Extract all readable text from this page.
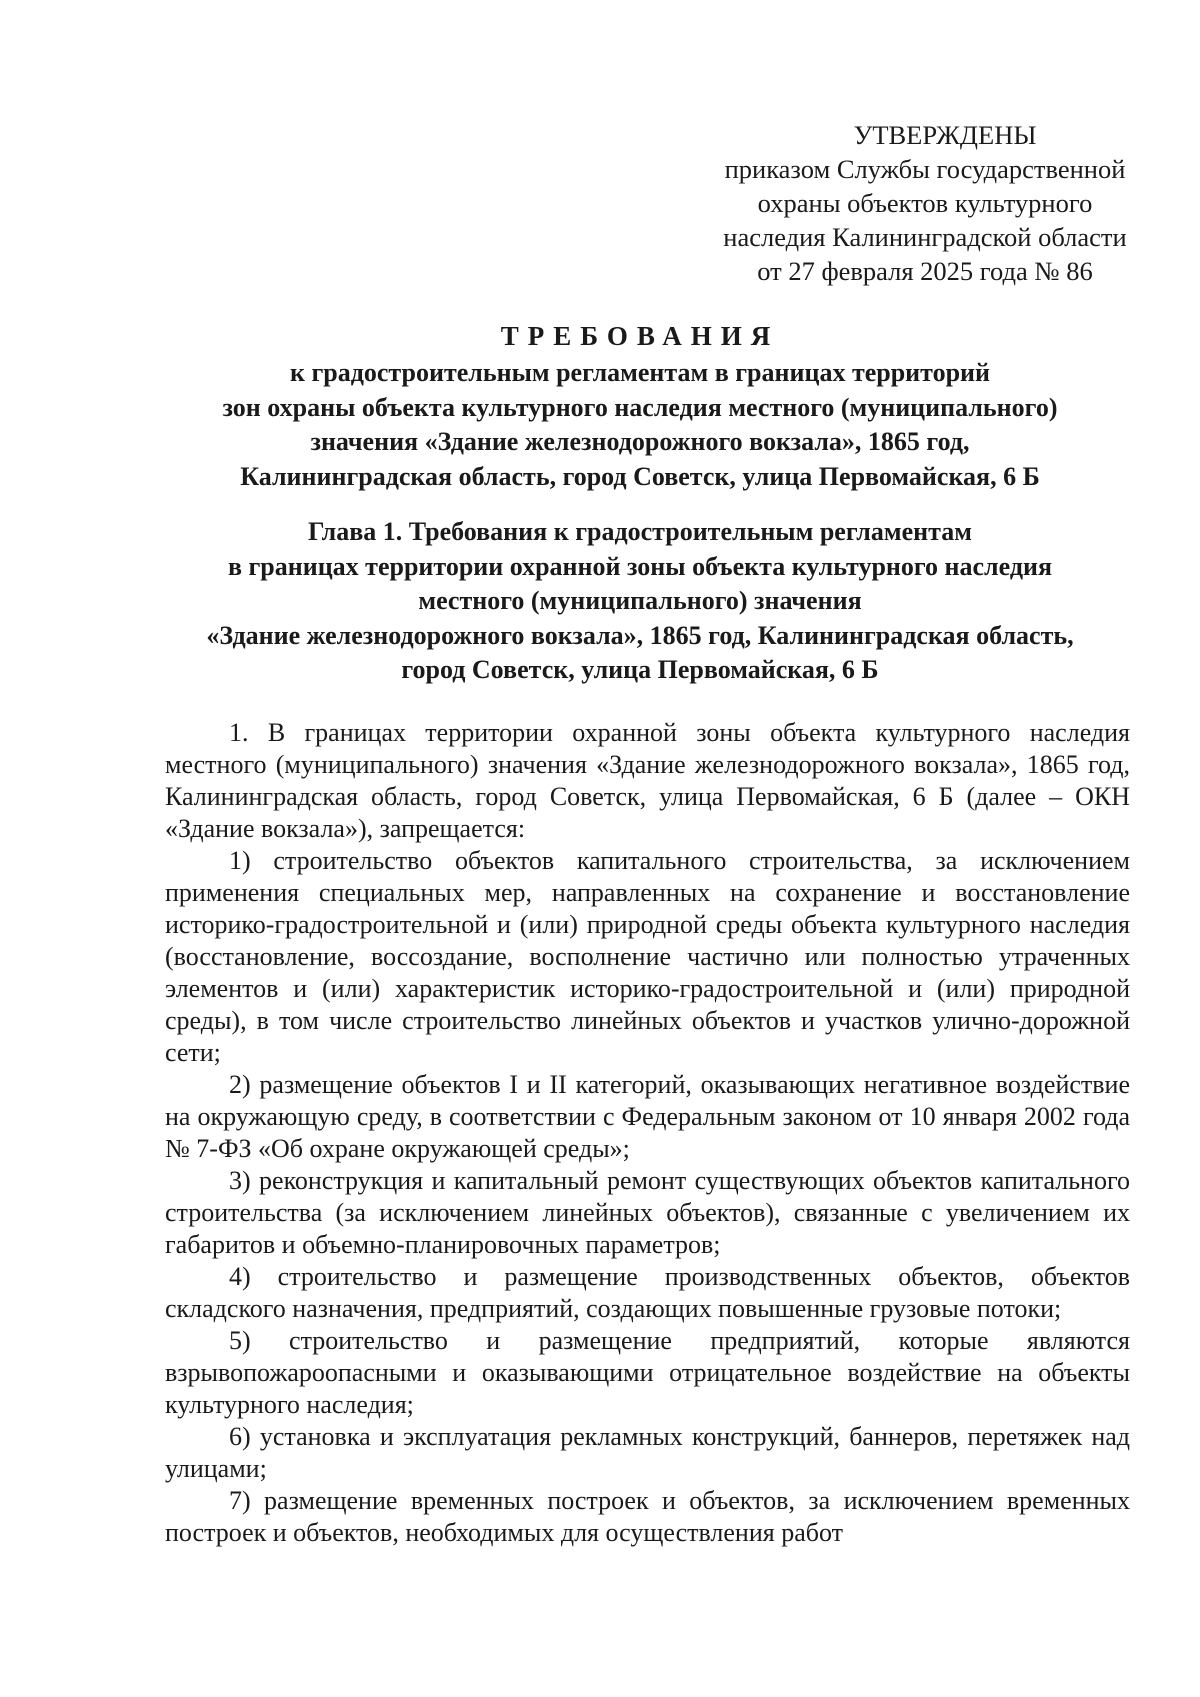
УТВЕРЖДЕНЫ
приказом Службы государственной
охраны объектов культурного
наследия Калининградской области
от 27 февраля 2025 года № 86
ТРЕБОВАНИЯ
к градостроительным регламентам в границах территорий
зон охраны объекта культурного наследия местного (муниципального)
значения «Здание железнодорожного вокзала», 1865 год,
Калининградская область, город Советск, улица Первомайская, 6 Б
Глава 1. Требования к градостроительным регламентам
в границах территории охранной зоны объекта культурного наследия
местного (муниципального) значения
«Здание железнодорожного вокзала», 1865 год, Калининградская область,
город Советск, улица Первомайская, 6 Б

1. В границах территории охранной зоны объекта культурного наследия местного (муниципального) значения «Здание железнодорожного вокзала», 1865 год, Калининградская область, город Советск, улица Первомайская, 6 Б (далее – ОКН «Здание вокзала»), запрещается:

1) строительство объектов капитального строительства, за исключением применения специальных мер, направленных на сохранение и восстановление историко-градостроительной и (или) природной среды объекта культурного наследия (восстановление, воссоздание, восполнение частично или полностью утраченных элементов и (или) характеристик историко-градостроительной и (или) природной среды), в том числе строительство линейных объектов и участков улично-дорожной сети;

2) размещение объектов I и II категорий, оказывающих негативное воздействие на окружающую среду, в соответствии с Федеральным законом от 10 января 2002 года № 7-ФЗ «Об охране окружающей среды»;

3) реконструкция и капитальный ремонт существующих объектов капитального строительства (за исключением линейных объектов), связанные с увеличением их габаритов и объемно-планировочных параметров;

4) строительство и размещение производственных объектов, объектов складского назначения, предприятий, создающих повышенные грузовые потоки;

5) строительство и размещение предприятий, которые являются взрывопожароопасными и оказывающими отрицательное воздействие на объекты культурного наследия;

6) установка и эксплуатация рекламных конструкций, баннеров, перетяжек над улицами;

7) размещение временных построек и объектов, за исключением временных построек и объектов, необходимых для осуществления работ
